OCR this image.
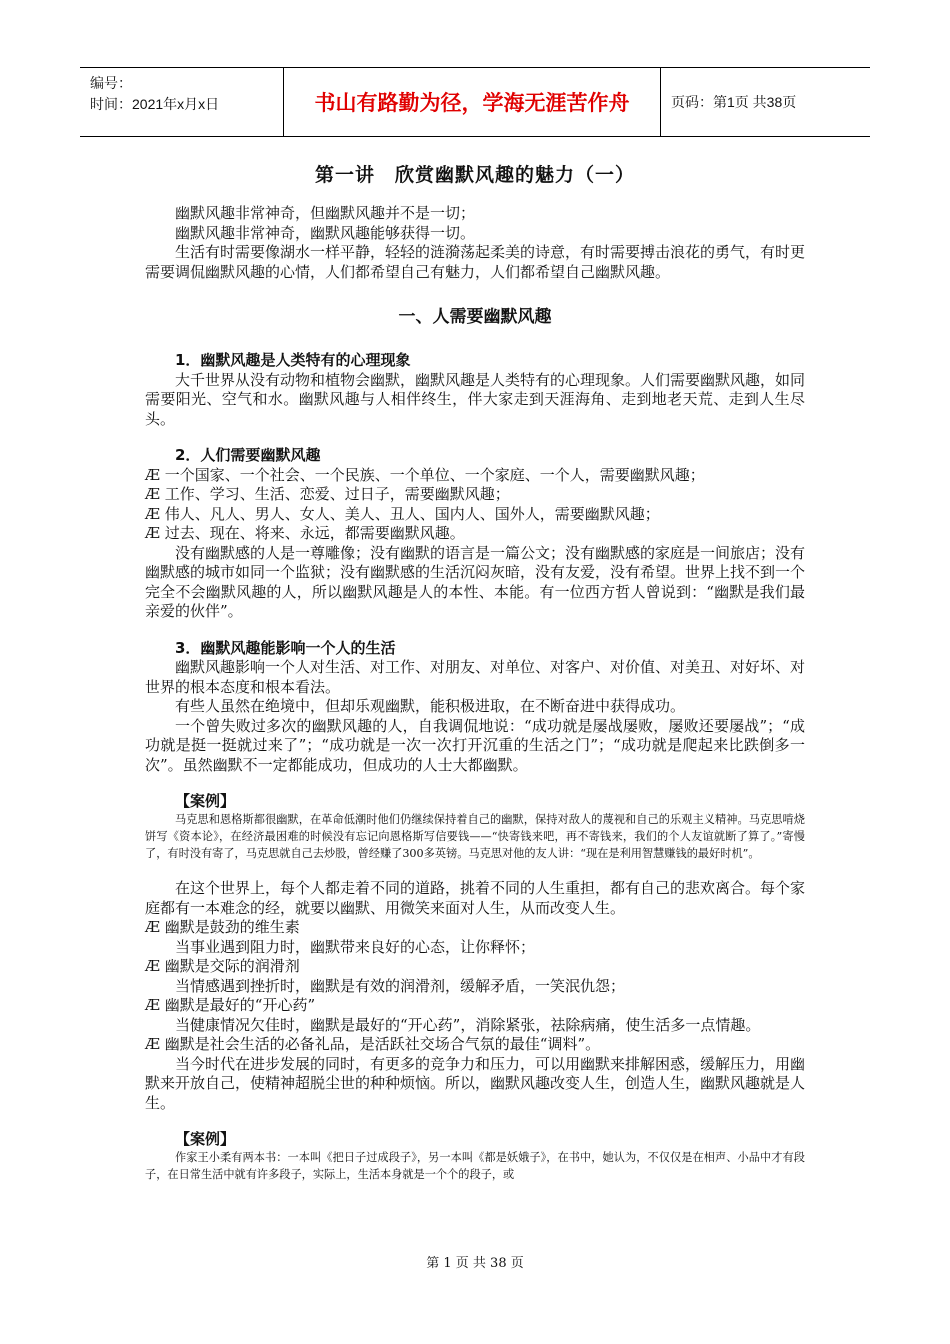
编号：
时间：2021年x月x日	书山有路勤为径，学海无涯苦作舟	页码：第1页 共38页
第一讲　欣赏幽默风趣的魅力（一）

幽默风趣非常神奇，但幽默风趣并不是一切；

幽默风趣非常神奇，幽默风趣能够获得一切。

生活有时需要像湖水一样平静，轻轻的涟漪荡起柔美的诗意，有时需要搏击浪花的勇气，有时更需要调侃幽默风趣的心情，人们都希望自己有魅力，人们都希望自己幽默风趣。

一、人需要幽默风趣

1．幽默风趣是人类特有的心理现象

大千世界从没有动物和植物会幽默，幽默风趣是人类特有的心理现象。人们需要幽默风趣，如同需要阳光、空气和水。幽默风趣与人相伴终生，伴大家走到天涯海角、走到地老天荒、走到人生尽头。

2．人们需要幽默风趣

Æ 一个国家、一个社会、一个民族、一个单位、一个家庭、一个人，需要幽默风趣；

Æ 工作、学习、生活、恋爱、过日子，需要幽默风趣；

Æ 伟人、凡人、男人、女人、美人、丑人、国内人、国外人，需要幽默风趣；

Æ 过去、现在、将来、永远，都需要幽默风趣。

没有幽默感的人是一尊雕像；没有幽默的语言是一篇公文；没有幽默感的家庭是一间旅店；没有幽默感的城市如同一个监狱；没有幽默感的生活沉闷灰暗，没有友爱，没有希望。世界上找不到一个完全不会幽默风趣的人，所以幽默风趣是人的本性、本能。有一位西方哲人曾说到：“幽默是我们最亲爱的伙伴”。

3．幽默风趣能影响一个人的生活

幽默风趣影响一个人对生活、对工作、对朋友、对单位、对客户、对价值、对美丑、对好坏、对世界的根本态度和根本看法。

有些人虽然在绝境中，但却乐观幽默，能积极进取，在不断奋进中获得成功。

一个曾失败过多次的幽默风趣的人，自我调侃地说：“成功就是屡战屡败，屡败还要屡战”；“成功就是挺一挺就过来了”；“成功就是一次一次打开沉重的生活之门”；“成功就是爬起来比跌倒多一次”。虽然幽默不一定都能成功，但成功的人士大都幽默。

【案例】

马克思和恩格斯都很幽默，在革命低潮时他们仍继续保持着自己的幽默，保持对敌人的蔑视和自己的乐观主义精神。马克思啃烧饼写《资本论》，在经济最困难的时候没有忘记向恩格斯写信要钱——“快寄钱来吧，再不寄钱来，我们的个人友谊就断了算了。”寄慢了，有时没有寄了，马克思就自己去炒股，曾经赚了300多英镑。马克思对他的友人讲：“现在是利用智慧赚钱的最好时机”。

在这个世界上，每个人都走着不同的道路，挑着不同的人生重担，都有自己的悲欢离合。每个家庭都有一本难念的经，就要以幽默、用微笑来面对人生，从而改变人生。

Æ 幽默是鼓劲的维生素

当事业遇到阻力时，幽默带来良好的心态，让你释怀；

Æ 幽默是交际的润滑剂

当情感遇到挫折时，幽默是有效的润滑剂，缓解矛盾，一笑泯仇怨；

Æ 幽默是最好的“开心药”

当健康情况欠佳时，幽默是最好的“开心药”，消除紧张，祛除病痛，使生活多一点情趣。

Æ 幽默是社会生活的必备礼品，是活跃社交场合气氛的最佳“调料”。

当今时代在进步发展的同时，有更多的竞争力和压力，可以用幽默来排解困惑，缓解压力，用幽默来开放自己，使精神超脱尘世的种种烦恼。所以，幽默风趣改变人生，创造人生，幽默风趣就是人生。

【案例】

作家王小柔有两本书：一本叫《把日子过成段子》，另一本叫《都是妖娥子》，在书中，她认为，不仅仅是在相声、小品中才有段子，在日常生活中就有许多段子，实际上，生活本身就是一个个的段子，或

第 1 页 共 38 页
